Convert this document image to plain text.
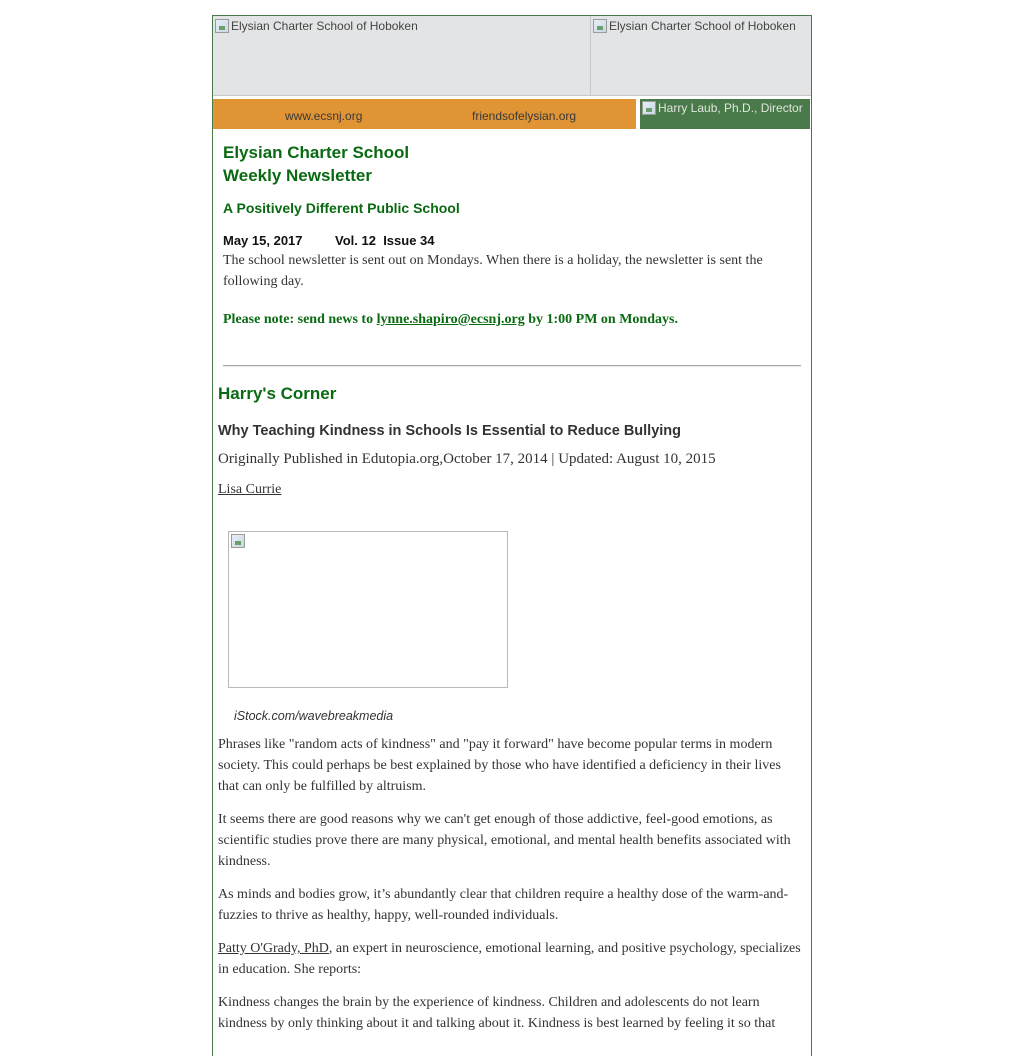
Elysian Charter School of Hoboken	Elysian Charter School of Hoboken
www.ecsnj.org	friendsofelysian.org
Harry Laub, Ph.D., Director

Elysian Charter School
Weekly Newsletter

A Positively Different Public School

May 15, 2017	Vol. 12  Issue 34

The school newsletter is sent out on Mondays. When there is a holiday, the newsletter is sent the following day.

Please note: send news to lynne.shapiro@ecsnj.org by 1:00 PM on Mondays.

Harry's Corner

Why Teaching Kindness in Schools Is Essential to Reduce Bullying

Originally Published in Edutopia.org,October 17, 2014 | Updated: August 10, 2015

Lisa Currie

iStock.com/wavebreakmedia

Phrases like "random acts of kindness" and "pay it forward" have become popular terms in modern society. This could perhaps be best explained by those who have identified a deficiency in their lives that can only be fulfilled by altruism.

It seems there are good reasons why we can't get enough of those addictive, feel-good emotions, as scientific studies prove there are many physical, emotional, and mental health benefits associated with kindness.

As minds and bodies grow, it’s abundantly clear that children require a healthy dose of the warm-and-fuzzies to thrive as healthy, happy, well-rounded individuals.

Patty O'Grady, PhD, an expert in neuroscience, emotional learning, and positive psychology, specializes in education. She reports:

Kindness changes the brain by the experience of kindness. Children and adolescents do not learn kindness by only thinking about it and talking about it. Kindness is best learned by feeling it so that
